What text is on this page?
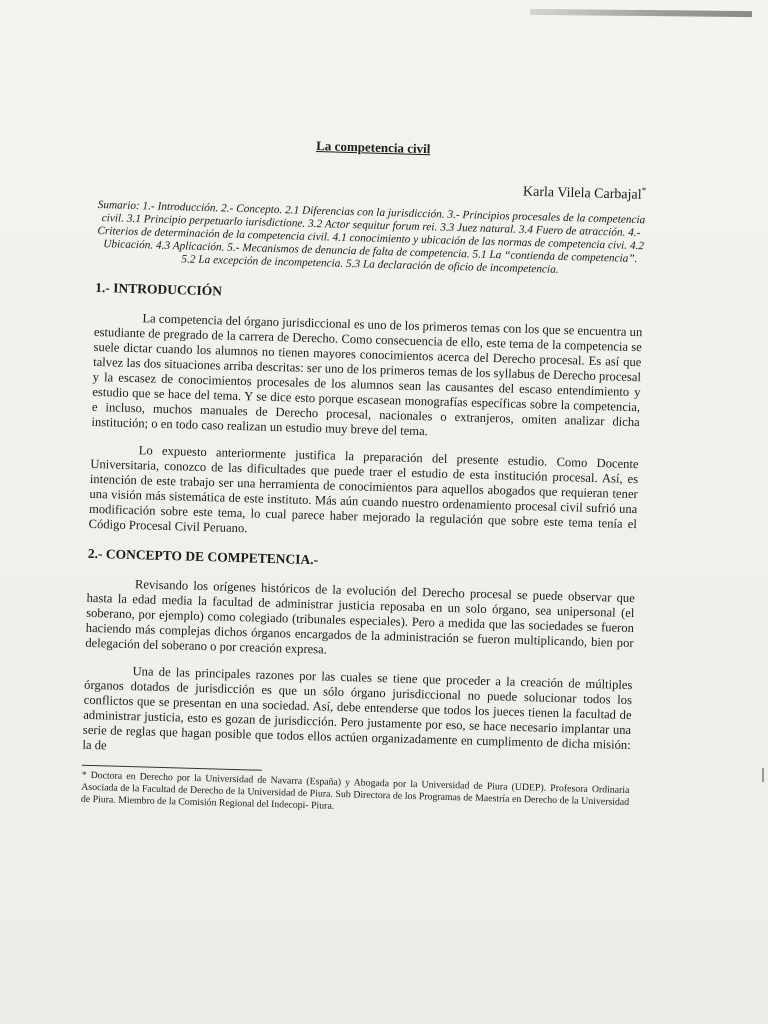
La competencia civil
Karla Vilela Carbajal*
Sumario: 1.- Introducción. 2.- Concepto. 2.1 Diferencias con la jurisdicción. 3.- Principios procesales de la competencia civil. 3.1 Principio perpetuarlo iurisdictione. 3.2 Actor sequitur forum rei. 3.3 Juez natural. 3.4 Fuero de atracción. 4.- Criterios de determinación de la competencia civil. 4.1 conocimiento y ubicación de las normas de competencia civi. 4.2 Ubicación. 4.3 Aplicación. 5.- Mecanismos de denuncia de falta de competencia. 5.1 La “contienda de competencia”. 5.2 La excepción de incompetencia. 5.3 La declaración de oficio de incompetencia.
1.- INTRODUCCIÓN

La competencia del órgano jurisdiccional es uno de los primeros temas con los que se encuentra un estudiante de pregrado de la carrera de Derecho. Como consecuencia de ello, este tema de la competencia se suele dictar cuando los alumnos no tienen mayores conocimientos acerca del Derecho procesal. Es así que talvez las dos situaciones arriba descritas: ser uno de los primeros temas de los syllabus de Derecho procesal y la escasez de conocimientos procesales de los alumnos sean las causantes del escaso entendimiento y estudio que se hace del tema. Y se dice esto porque escasean monografías específicas sobre la competencia, e incluso, muchos manuales de Derecho procesal, nacionales o extranjeros, omiten analizar dicha institución; o en todo caso realizan un estudio muy breve del tema.

Lo expuesto anteriormente justifica la preparación del presente estudio. Como Docente Universitaria, conozco de las dificultades que puede traer el estudio de esta institución procesal. Así, es intención de este trabajo ser una herramienta de conocimientos para aquellos abogados que requieran tener una visión más sistemática de este instituto. Más aún cuando nuestro ordenamiento procesal civil sufrió una modificación sobre este tema, lo cual parece haber mejorado la regulación que sobre este tema tenía el Código Procesal Civil Peruano.

2.- CONCEPTO DE COMPETENCIA.-

Revisando los orígenes históricos de la evolución del Derecho procesal se puede observar que hasta la edad media la facultad de administrar justicia reposaba en un solo órgano, sea unipersonal (el soberano, por ejemplo) como colegiado (tribunales especiales). Pero a medida que las sociedades se fueron haciendo más complejas dichos órganos encargados de la administración se fueron multiplicando, bien por delegación del soberano o por creación expresa.

Una de las principales razones por las cuales se tiene que proceder a la creación de múltiples órganos dotados de jurisdicción es que un sólo órgano jurisdiccional no puede solucionar todos los conflictos que se presentan en una sociedad. Así, debe entenderse que todos los jueces tienen la facultad de administrar justicia, esto es gozan de jurisdicción. Pero justamente por eso, se hace necesario implantar una serie de reglas que hagan posible que todos ellos actúen organizadamente en cumplimento de dicha misión: la de

* Doctora en Derecho por la Universidad de Navarra (España) y Abogada por la Universidad de Piura (UDEP). Profesora Ordinaria Asociada de la Facultad de Derecho de la Universidad de Piura. Sub Directora de los Programas de Maestría en Derecho de la Universidad de Piura. Miembro de la Comisión Regional del Indecopi- Piura.
